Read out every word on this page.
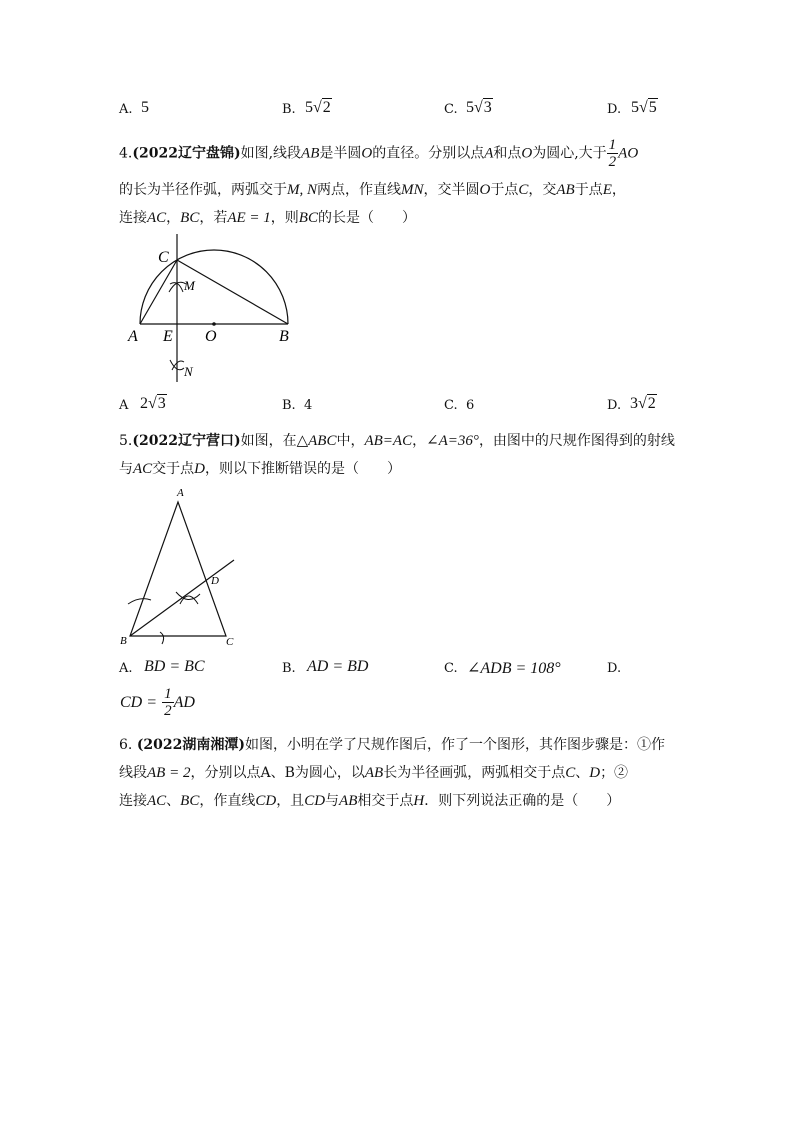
A. 5	B. 5√2	C. 5√3	D. 5√5
4.(2022辽宁盘锦)如图,线段AB是半圆O的直径。分别以点A和点O为圆心,大于 $\frac{1}{2}$ AO
的长为半径作弧，两弧交于M, N两点，作直线MN，交半圆O于点C，交AB于点E，
连接AC，BC，若AE = 1，则BC的长是（　　）
C
M
A E O	B
N
A 2√3	B. 4	C. 6	D. 3√2
5.(2022辽宁营口)如图，在△ABC中，AB=AC，∠A=36°，由图中的尺规作图得到的射线
与AC交于点D，则以下推断错误的是（　　）
A
B	C
D
A. BD = BC	B. AD = BD	C. ∠ADB = 108°	D.
CD = $\frac{1}{2}$ AD
6. (2022湖南湘潭)如图，小明在学了尺规作图后，作了一个图形，其作图步骤是：①作
线段AB = 2，分别以点A、B为圆心，以AB长为半径画弧，两弧相交于点C、D；②
连接AC、BC，作直线CD，且CD与AB相交于点H．则下列说法正确的是（　　）
